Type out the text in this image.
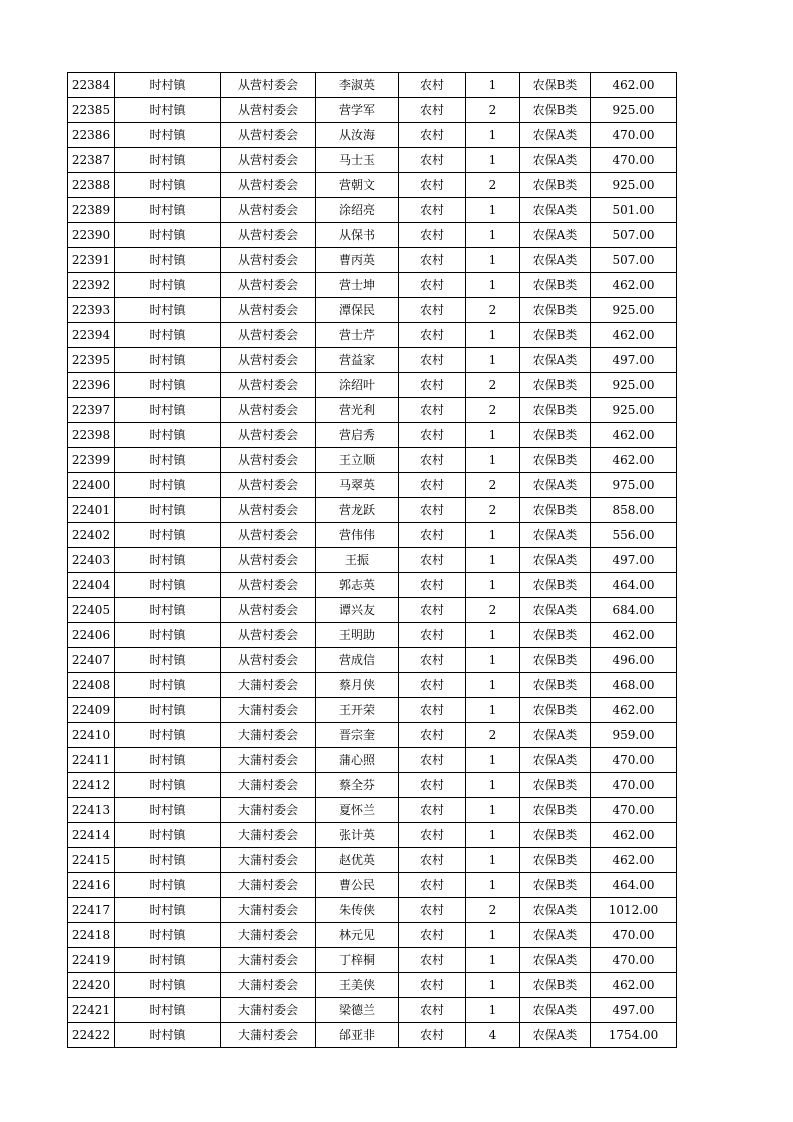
22384	时村镇	从营村委会	李淑英	农村	1	农保B类	462.00
22385	时村镇	从营村委会	营学军	农村	2	农保B类	925.00
22386	时村镇	从营村委会	从汝海	农村	1	农保A类	470.00
22387	时村镇	从营村委会	马士玉	农村	1	农保A类	470.00
22388	时村镇	从营村委会	营朝文	农村	2	农保B类	925.00
22389	时村镇	从营村委会	涂绍亮	农村	1	农保A类	501.00
22390	时村镇	从营村委会	从保书	农村	1	农保A类	507.00
22391	时村镇	从营村委会	曹丙英	农村	1	农保A类	507.00
22392	时村镇	从营村委会	营士坤	农村	1	农保B类	462.00
22393	时村镇	从营村委会	潭保民	农村	2	农保B类	925.00
22394	时村镇	从营村委会	营士芹	农村	1	农保B类	462.00
22395	时村镇	从营村委会	营益家	农村	1	农保A类	497.00
22396	时村镇	从营村委会	涂绍叶	农村	2	农保B类	925.00
22397	时村镇	从营村委会	营光利	农村	2	农保B类	925.00
22398	时村镇	从营村委会	营启秀	农村	1	农保B类	462.00
22399	时村镇	从营村委会	王立顺	农村	1	农保B类	462.00
22400	时村镇	从营村委会	马翠英	农村	2	农保A类	975.00
22401	时村镇	从营村委会	营龙跃	农村	2	农保B类	858.00
22402	时村镇	从营村委会	营伟伟	农村	1	农保A类	556.00
22403	时村镇	从营村委会	王振	农村	1	农保A类	497.00
22404	时村镇	从营村委会	郭志英	农村	1	农保B类	464.00
22405	时村镇	从营村委会	谭兴友	农村	2	农保A类	684.00
22406	时村镇	从营村委会	王明助	农村	1	农保B类	462.00
22407	时村镇	从营村委会	营成信	农村	1	农保B类	496.00
22408	时村镇	大蒲村委会	蔡月侠	农村	1	农保B类	468.00
22409	时村镇	大蒲村委会	王开荣	农村	1	农保B类	462.00
22410	时村镇	大蒲村委会	晋宗奎	农村	2	农保A类	959.00
22411	时村镇	大蒲村委会	蒲心照	农村	1	农保A类	470.00
22412	时村镇	大蒲村委会	蔡全芬	农村	1	农保B类	470.00
22413	时村镇	大蒲村委会	夏怀兰	农村	1	农保B类	470.00
22414	时村镇	大蒲村委会	张计英	农村	1	农保B类	462.00
22415	时村镇	大蒲村委会	赵优英	农村	1	农保B类	462.00
22416	时村镇	大蒲村委会	曹公民	农村	1	农保B类	464.00
22417	时村镇	大蒲村委会	朱传侠	农村	2	农保A类	1012.00
22418	时村镇	大蒲村委会	林元见	农村	1	农保A类	470.00
22419	时村镇	大蒲村委会	丁梓桐	农村	1	农保A类	470.00
22420	时村镇	大蒲村委会	王美侠	农村	1	农保B类	462.00
22421	时村镇	大蒲村委会	梁德兰	农村	1	农保A类	497.00
22422	时村镇	大蒲村委会	邰亚非	农村	4	农保A类	1754.00
